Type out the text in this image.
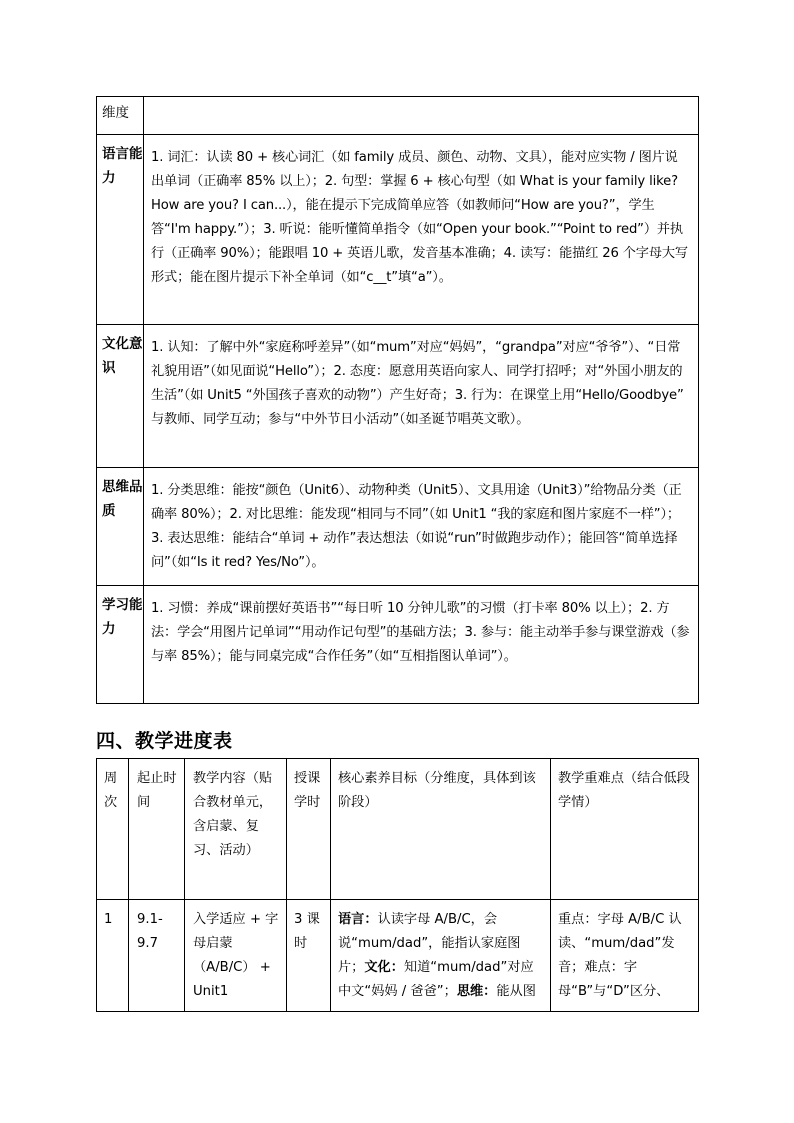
维度	
语言能力	1. 词汇：认读 80 + 核心词汇（如 family 成员、颜色、动物、文具），能对应实物 / 图片说出单词（正确率 85% 以上）；2. 句型：掌握 6 + 核心句型（如 What is your family like? How are you? I can...），能在提示下完成简单应答（如教师问“How are you?”，学生答“I'm happy.”）；3. 听说：能听懂简单指令（如“Open your book.”“Point to red”）并执行（正确率 90%）；能跟唱 10 + 英语儿歌，发音基本准确；4. 读写：能描红 26 个字母大写形式；能在图片提示下补全单词（如“c__t”填“a”）。
文化意识	1. 认知：了解中外“家庭称呼差异”（如“mum”对应“妈妈”，“grandpa”对应“爷爷”）、“日常礼貌用语”（如见面说“Hello”）；2. 态度：愿意用英语向家人、同学打招呼；对“外国小朋友的生活”（如 Unit5 “外国孩子喜欢的动物”）产生好奇；3. 行为：在课堂上用“Hello/Goodbye” 与教师、同学互动；参与“中外节日小活动”（如圣诞节唱英文歌）。
思维品质	1. 分类思维：能按“颜色（Unit6）、动物种类（Unit5）、文具用途（Unit3）”给物品分类（正确率 80%）；2. 对比思维：能发现“相同与不同”（如 Unit1 “我的家庭和图片家庭不一样”）；3. 表达思维：能结合“单词 + 动作”表达想法（如说“run”时做跑步动作）；能回答“简单选择问”（如“Is it red? Yes/No”）。
学习能力	1. 习惯：养成“课前摆好英语书”“每日听 10 分钟儿歌”的习惯（打卡率 80% 以上）；2. 方法：学会“用图片记单词”“用动作记句型”的基础方法；3. 参与：能主动举手参与课堂游戏（参与率 85%）；能与同桌完成“合作任务”（如“互相指图认单词”）。
四、教学进度表
周次	起止时间	教学内容（贴合教材单元，含启蒙、复习、活动）	授课学时	核心素养目标（分维度，具体到该阶段）	教学重难点（结合低段学情）
1	9.1-9.7	入学适应 + 字母启蒙（A/B/C） + Unit1	3 课时	语言：认读字母 A/B/C，会说“mum/dad”，能指认家庭图片；文化：知道“mum/dad”对应中文“妈妈 / 爸爸”；思维：能从图	重点：字母 A/B/C 认读、“mum/dad”发音；难点：字母“B”与“D”区分、
